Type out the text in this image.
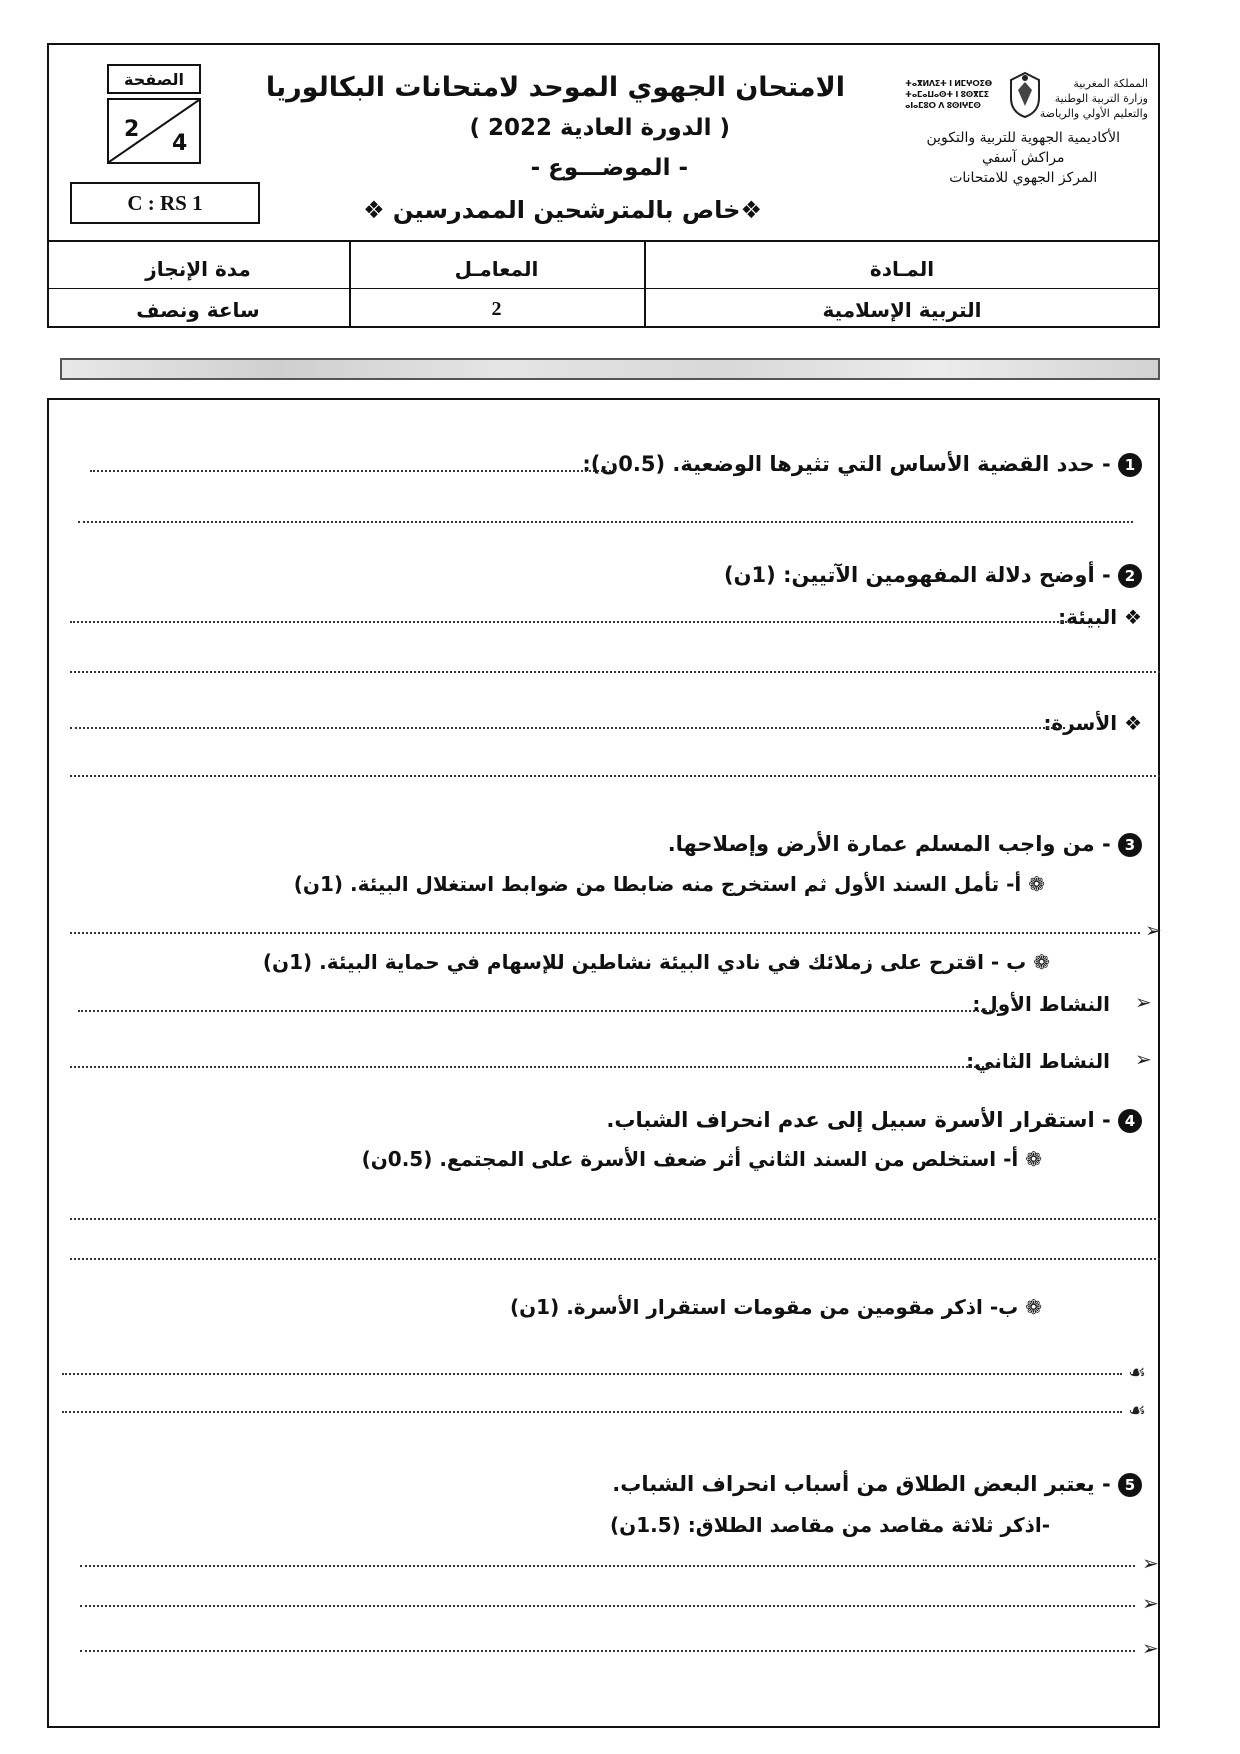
المملكة المغربية
وزارة التربية الوطنية
والتعليم الأولي والرياضة
ⵜⴰⴳⵍⴷⵉⵜ ⵏ ⵍⵎⵖⵔⵉⴱ
ⵜⴰⵎⴰⵡⴰⵙⵜ ⵏ ⵓⵙⴳⵎⵉ
ⴰⵏⴰⵎⵓⵔ ⴷ ⵓⵙⵏⵖⵎⵙ
الأكاديمية الجهوية للتربية والتكوين
مراكش آسفي
المركز الجهوي للامتحانات
الامتحان الجهوي الموحد لامتحانات البكالوريا
( الدورة العادية 2022 )
- الموضـــوع -
❖خاص بالمترشحين الممدرسين ❖
الصفحة
2
4
C : RS 1
المـادة
المعامـل
مدة الإنجاز
التربية الإسلامية
2
ساعة ونصف
1 - حدد القضية الأساس التي تثيرها الوضعية. (0.5ن):
2 - أوضح دلالة المفهومين الآتيين: (1ن)
❖ البيئة:
❖ الأسرة:
3 - من واجب المسلم عمارة الأرض وإصلاحها.
❁ أ- تأمل السند الأول ثم استخرج منه ضابطا من ضوابط استغلال البيئة. (1ن)
➢
❁ ب - اقترح على زملائك في نادي البيئة نشاطين للإسهام في حماية البيئة. (1ن)
النشاط الأول: ➢
النشاط الثاني: ➢
4 - استقرار الأسرة سبيل إلى عدم انحراف الشباب.
❁ أ- استخلص من السند الثاني أثر ضعف الأسرة على المجتمع. (0.5ن)
❁ ب- اذكر مقومين من مقومات استقرار الأسرة. (1ن)
☙
☙
5 - يعتبر البعض الطلاق من أسباب انحراف الشباب.
-اذكر ثلاثة مقاصد من مقاصد الطلاق: (1.5ن)
➢
➢
➢
